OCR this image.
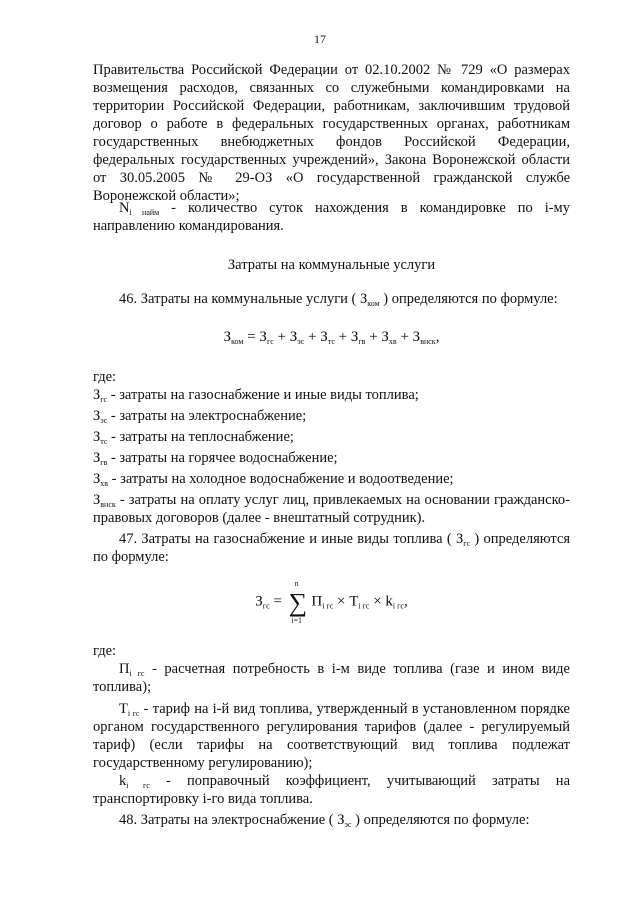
17
Правительства Российской Федерации от 02.10.2002 № 729 «О размерах возмещения расходов, связанных со служебными командировками на территории Российской Федерации, работникам, заключившим трудовой договор о работе в федеральных государственных органах, работникам государственных внебюджетных фондов Российской Федерации, федеральных государственных учреждений», Закона Воронежской области от 30.05.2005 № 29-ОЗ «О государственной гражданской службе Воронежской области»;
$N_{i найм}$ - количество суток нахождения в командировке по i-му направлению командирования.
Затраты на коммунальные услуги
46. Затраты на коммунальные услуги ( $З_{ком}$ ) определяются по формуле:
$З_{ком} = З_{гс} + З_{эс} + З_{тс} + З_{гв} + З_{хв} + З_{внск}$,
где:
$З_{гс}$ - затраты на газоснабжение и иные виды топлива;
$З_{эс}$ - затраты на электроснабжение;
$З_{тс}$ - затраты на теплоснабжение;
$З_{гв}$ - затраты на горячее водоснабжение;
$З_{хв}$ - затраты на холодное водоснабжение и водоотведение;
$З_{внск}$ - затраты на оплату услуг лиц, привлекаемых на основании гражданско-правовых договоров (далее - внештатный сотрудник).
47. Затраты на газоснабжение и иные виды топлива ( $З_{гс}$ ) определяются по формуле:
$З_{гс}$ =
n
∑
i=1
$П_{i гс} \times Т_{i гс} \times k_{i гс}$,
где:
$П_{i гс}$ - расчетная потребность в i-м виде топлива (газе и ином виде топлива);
$Т_{i гс}$ - тариф на i-й вид топлива, утвержденный в установленном порядке органом государственного регулирования тарифов (далее - регулируемый тариф) (если тарифы на соответствующий вид топлива подлежат государственному регулированию);
$k_{i гс}$ - поправочный коэффициент, учитывающий затраты на транспортировку i-го вида топлива.
48. Затраты на электроснабжение ( $З_{эс}$ ) определяются по формуле:
